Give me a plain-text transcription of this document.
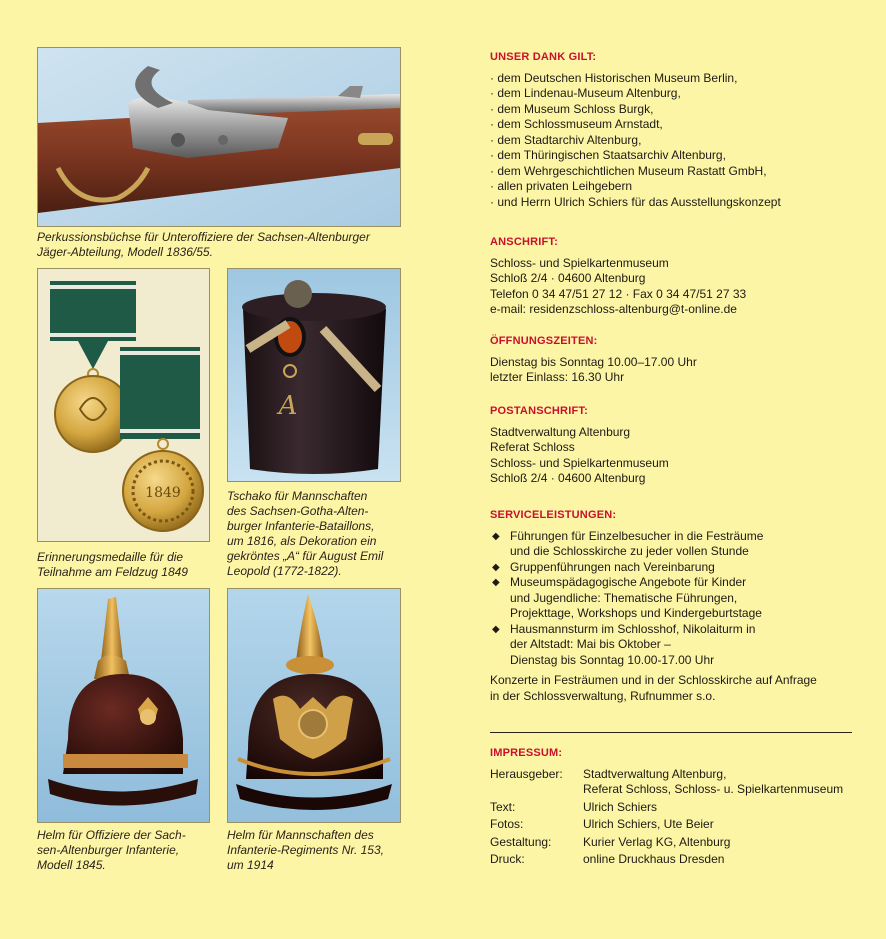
Perkussionsbüchse für Unteroffiziere der Sachsen-Altenburger
Jäger-Abteilung, Modell 1836/55.
1849
Erinnerungsmedaille für die
Teilnahme am Feldzug 1849
A
Tschako für Mannschaften
des Sachsen-Gotha-Alten-
burger Infanterie-Bataillons,
um 1816, als Dekoration ein
gekröntes „A“ für August Emil
Leopold (1772-1822).
Helm für Offiziere der Sach-
sen-Altenburger Infanterie,
Modell 1845.
Helm für Mannschaften des
Infanterie-Regiments Nr. 153,
um 1914
UNSER DANK GILT:
· dem Deutschen Historischen Museum Berlin,
· dem Lindenau-Museum Altenburg,
· dem Museum Schloss Burgk,
· dem Schlossmuseum Arnstadt,
· dem Stadtarchiv Altenburg,
· dem Thüringischen Staatsarchiv Altenburg,
· dem Wehrgeschichtlichen Museum Rastatt GmbH,
· allen privaten Leihgebern
· und Herrn Ulrich Schiers für das Ausstellungskonzept
ANSCHRIFT:
Schloss- und Spielkartenmuseum
Schloß 2/4 · 04600 Altenburg
Telefon 0 34 47/51 27 12 · Fax 0 34 47/51 27 33
e-mail: residenzschloss-altenburg@t-online.de
ÖFFNUNGSZEITEN:
Dienstag bis Sonntag 10.00–17.00 Uhr
letzter Einlass: 16.30 Uhr
POSTANSCHRIFT:
Stadtverwaltung Altenburg
Referat Schloss
Schloss- und Spielkartenmuseum
Schloß 2/4 · 04600 Altenburg
SERVICELEISTUNGEN:
◆ Führungen für Einzelbesucher in die Festräume
und die Schlosskirche zu jeder vollen Stunde
◆ Gruppenführungen nach Vereinbarung
◆ Museumspädagogische Angebote für Kinder
und Jugendliche: Thematische Führungen,
Projekttage, Workshops und Kindergeburtstage
◆ Hausmannsturm im Schlosshof, Nikolaiturm in
der Altstadt: Mai bis Oktober –
Dienstag bis Sonntag 10.00-17.00 Uhr
Konzerte in Festräumen und in der Schlosskirche auf Anfrage
in der Schlossverwaltung, Rufnummer s.o.
IMPRESSUM:
Herausgeber:	Stadtverwaltung Altenburg,
Referat Schloss, Schloss- u. Spielkartenmuseum
Text:	Ulrich Schiers
Fotos:	Ulrich Schiers, Ute Beier
Gestaltung:	Kurier Verlag KG, Altenburg
Druck:	online Druckhaus Dresden
